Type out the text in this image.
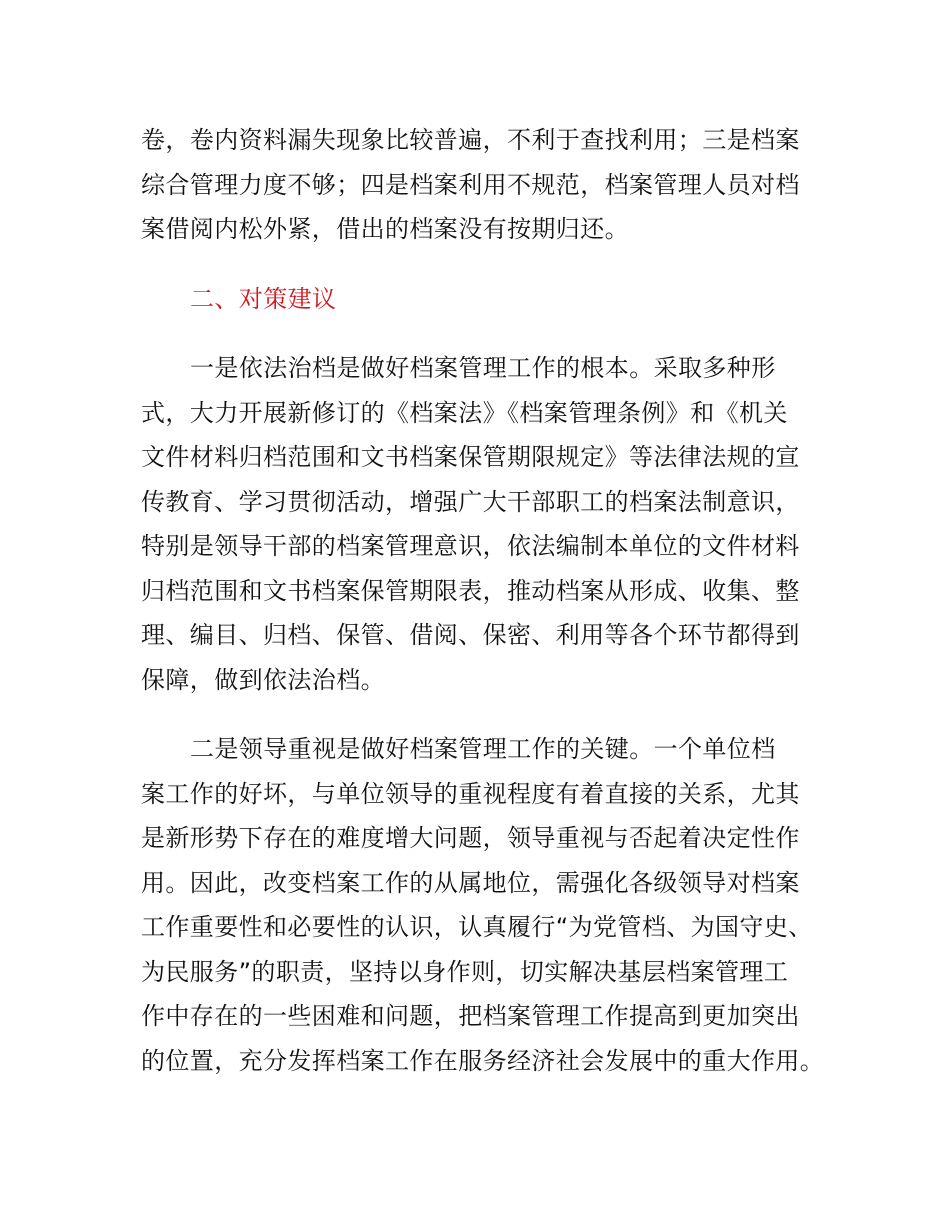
卷，卷内资料漏失现象比较普遍，不利于查找利用；三是档案
综合管理力度不够；四是档案利用不规范，档案管理人员对档
案借阅内松外紧，借出的档案没有按期归还。
二、对策建议
一是依法治档是做好档案管理工作的根本。采取多种形
式，大力开展新修订的《档案法》《档案管理条例》和《机关
文件材料归档范围和文书档案保管期限规定》等法律法规的宣
传教育、学习贯彻活动，增强广大干部职工的档案法制意识，
特别是领导干部的档案管理意识，依法编制本单位的文件材料
归档范围和文书档案保管期限表，推动档案从形成、收集、整
理、编目、归档、保管、借阅、保密、利用等各个环节都得到
保障，做到依法治档。
二是领导重视是做好档案管理工作的关键。一个单位档
案工作的好坏，与单位领导的重视程度有着直接的关系，尤其
是新形势下存在的难度增大问题，领导重视与否起着决定性作
用。因此，改变档案工作的从属地位，需强化各级领导对档案
工作重要性和必要性的认识，认真履行“为党管档、为国守史、
为民服务”的职责，坚持以身作则，切实解决基层档案管理工
作中存在的一些困难和问题，把档案管理工作提高到更加突出
的位置，充分发挥档案工作在服务经济社会发展中的重大作用。
